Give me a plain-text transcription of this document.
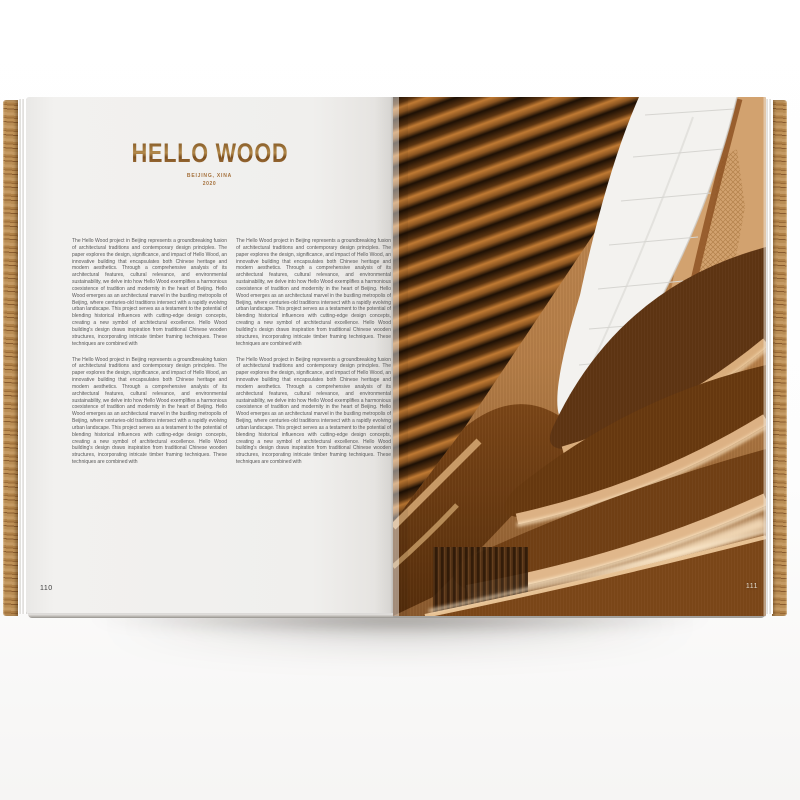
HELLO WOOD
BEIJING, XINA
2020

The Hello Wood project in Beijing represents a groundbreaking fusion of architectural traditions and contemporary design principles. The paper explores the design, significance, and impact of Hello Wood, an innovative building that encapsulates both Chinese heritage and modern aesthetics. Through a comprehensive analysis of its architectural features, cultural relevance, and environmental sustainability, we delve into how Hello Wood exemplifies a harmonious coexistence of tradition and modernity in the heart of Beijing. Hello Wood emerges as an architectural marvel in the bustling metropolis of Beijing, where centuries-old traditions intersect with a rapidly evolving urban landscape. This project serves as a testament to the potential of blending historical influences with cutting-edge design concepts, creating a new symbol of architectural excellence. Hello Wood building's design draws inspiration from traditional Chinese wooden structures, incorporating intricate timber framing techniques. These techniques are combined with

The Hello Wood project in Beijing represents a groundbreaking fusion of architectural traditions and contemporary design principles. The paper explores the design, significance, and impact of Hello Wood, an innovative building that encapsulates both Chinese heritage and modern aesthetics. Through a comprehensive analysis of its architectural features, cultural relevance, and environmental sustainability, we delve into how Hello Wood exemplifies a harmonious coexistence of tradition and modernity in the heart of Beijing. Hello Wood emerges as an architectural marvel in the bustling metropolis of Beijing, where centuries-old traditions intersect with a rapidly evolving urban landscape. This project serves as a testament to the potential of blending historical influences with cutting-edge design concepts, creating a new symbol of architectural excellence. Hello Wood building's design draws inspiration from traditional Chinese wooden structures, incorporating intricate timber framing techniques. These techniques are combined with

The Hello Wood project in Beijing represents a groundbreaking fusion of architectural traditions and contemporary design principles. The paper explores the design, significance, and impact of Hello Wood, an innovative building that encapsulates both Chinese heritage and modern aesthetics. Through a comprehensive analysis of its architectural features, cultural relevance, and environmental sustainability, we delve into how Hello Wood exemplifies a harmonious coexistence of tradition and modernity in the heart of Beijing. Hello Wood emerges as an architectural marvel in the bustling metropolis of Beijing, where centuries-old traditions intersect with a rapidly evolving urban landscape. This project serves as a testament to the potential of blending historical influences with cutting-edge design concepts, creating a new symbol of architectural excellence. Hello Wood building's design draws inspiration from traditional Chinese wooden structures, incorporating intricate timber framing techniques. These techniques are combined with

The Hello Wood project in Beijing represents a groundbreaking fusion of architectural traditions and contemporary design principles. The paper explores the design, significance, and impact of Hello Wood, an innovative building that encapsulates both Chinese heritage and modern aesthetics. Through a comprehensive analysis of its architectural features, cultural relevance, and environmental sustainability, we delve into how Hello Wood exemplifies a harmonious coexistence of tradition and modernity in the heart of Beijing. Hello Wood emerges as an architectural marvel in the bustling metropolis of Beijing, where centuries-old traditions intersect with a rapidly evolving urban landscape. This project serves as a testament to the potential of blending historical influences with cutting-edge design concepts, creating a new symbol of architectural excellence. Hello Wood building's design draws inspiration from traditional Chinese wooden structures, incorporating intricate timber framing techniques. These techniques are combined with

110	111
